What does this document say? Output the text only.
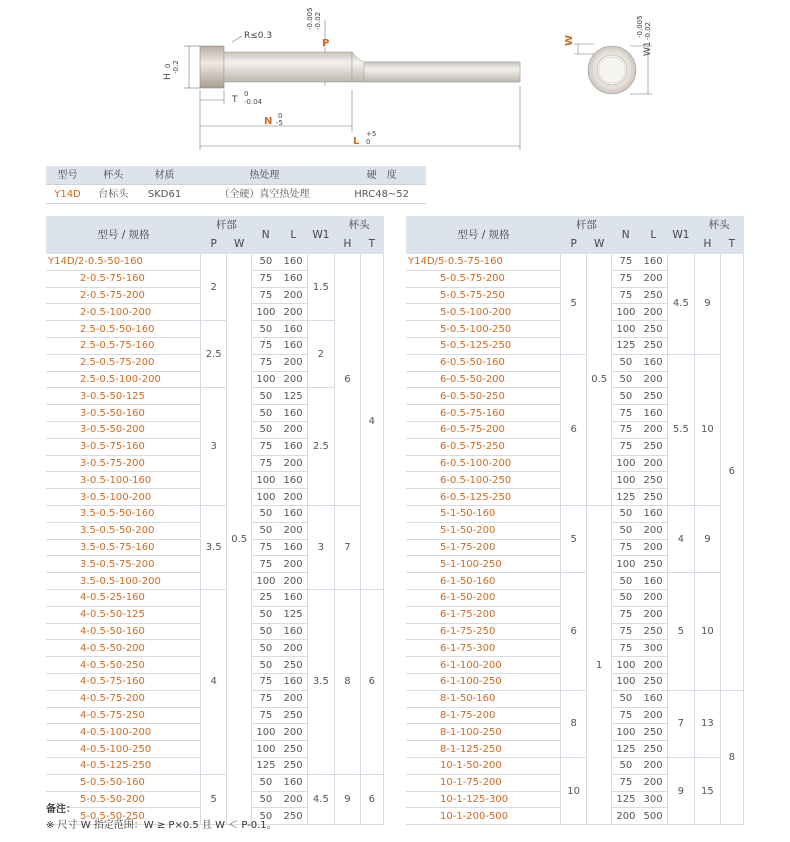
R≤0.3
P
-0.005 -0.02
H
0 -0.2
T
0
-0.04
N 0
-5
L
+5
0
W
W1
-0.005 -0.02
型号	杯头	材质	热处理	硬　度
Y14D	台标头	SKD61	（全硬）真空热处理	HRC48~52
型号 / 规格	杆部		N	L	W1	杯头	
	P	W				H	T
Y14D/2-0.5-50-160	2	0.5	50	160	1.5	6	4
2-0.5-75-160			75	160			
2-0.5-75-200			75	200			
2-0.5-100-200			100	200			
2.5-0.5-50-160	2.5		50	160	2		
2.5-0.5-75-160			75	160			
2.5-0.5-75-200			75	200			
2.5-0.5-100-200			100	200			
3-0.5-50-125	3		50	125	2.5		
3-0.5-50-160			50	160			
3-0.5-50-200			50	200			
3-0.5-75-160			75	160			
3-0.5-75-200			75	200			
3-0.5-100-160			100	160			
3-0.5-100-200			100	200			
3.5-0.5-50-160	3.5		50	160	3	7	
3.5-0.5-50-200			50	200			
3.5-0.5-75-160			75	160			
3.5-0.5-75-200			75	200			
3.5-0.5-100-200			100	200			
4-0.5-25-160	4		25	160	3.5	8	6
4-0.5-50-125			50	125			
4-0.5-50-160			50	160			
4-0.5-50-200			50	200			
4-0.5-50-250			50	250			
4-0.5-75-160			75	160			
4-0.5-75-200			75	200			
4-0.5-75-250			75	250			
4-0.5-100-200			100	200			
4-0.5-100-250			100	250			
4-0.5-125-250			125	250			
5-0.5-50-160	5		50	160	4.5	9	6
5-0.5-50-200			50	200			
5-0.5-50-250			50	250			
型号 / 规格	杆部		N	L	W1	杯头	
	P	W				H	T
Y14D/5-0.5-75-160	5	0.5	75	160	4.5	9	6
5-0.5-75-200			75	200			
5-0.5-75-250			75	250			
5-0.5-100-200			100	200			
5-0.5-100-250			100	250			
5-0.5-125-250			125	250			
6-0.5-50-160	6		50	160	5.5	10	
6-0.5-50-200			50	200			
6-0.5-50-250			50	250			
6-0.5-75-160			75	160			
6-0.5-75-200			75	200			
6-0.5-75-250			75	250			
6-0.5-100-200			100	200			
6-0.5-100-250			100	250			
6-0.5-125-250			125	250			
5-1-50-160	5	1	50	160	4	9	
5-1-50-200			50	200			
5-1-75-200			75	200			
5-1-100-250			100	250			
6-1-50-160	6		50	160	5	10	
6-1-50-200			50	200			
6-1-75-200			75	200			
6-1-75-250			75	250			
6-1-75-300			75	300			
6-1-100-200			100	200			
6-1-100-250			100	250			
8-1-50-160	8		50	160	7	13	8
8-1-75-200			75	200			
8-1-100-250			100	250			
8-1-125-250			125	250			
10-1-50-200	10		50	200	9	15	
10-1-75-200			75	200			
10-1-125-300			125	300			
10-1-200-500			200	500			
备注：
※ 尺寸 W 指定范围：W ≥ P×0.5 且 W ＜ P-0.1。
